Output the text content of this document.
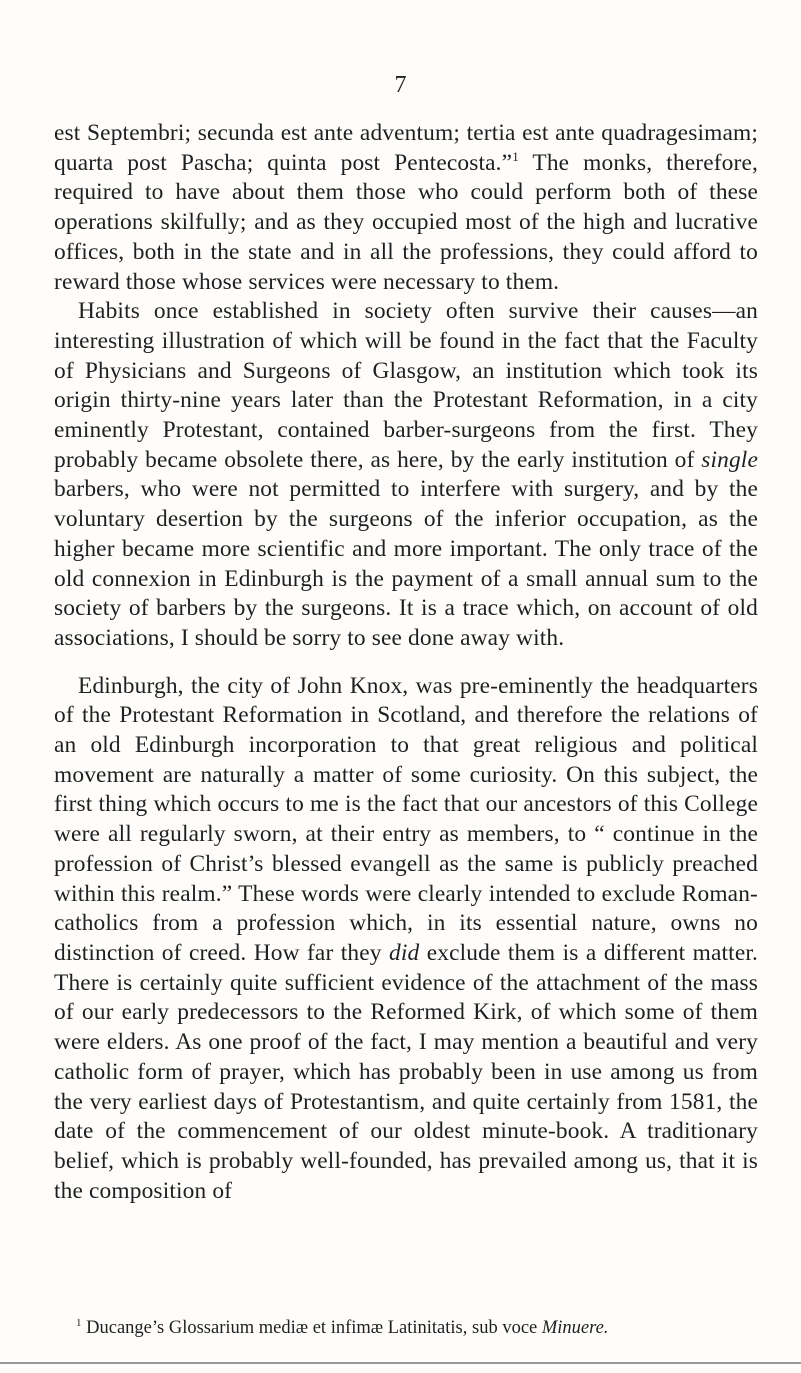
7

est Septembri; secunda est ante adventum; tertia est ante quadragesimam; quarta post Pascha; quinta post Pentecosta.”$^1$ The monks, therefore, required to have about them those who could perform both of these operations skilfully; and as they occupied most of the high and lucrative offices, both in the state and in all the professions, they could afford to reward those whose services were necessary to them.

Habits once established in society often survive their causes—an interesting illustration of which will be found in the fact that the Faculty of Physicians and Surgeons of Glasgow, an institution which took its origin thirty-nine years later than the Protestant Reformation, in a city eminently Protestant, contained barber-surgeons from the first. They probably became obsolete there, as here, by the early institution of single barbers, who were not permitted to interfere with surgery, and by the voluntary desertion by the surgeons of the inferior occupation, as the higher became more scientific and more important. The only trace of the old connexion in Edinburgh is the payment of a small annual sum to the society of barbers by the surgeons. It is a trace which, on account of old associations, I should be sorry to see done away with.

Edinburgh, the city of John Knox, was pre-eminently the headquarters of the Protestant Reformation in Scotland, and therefore the relations of an old Edinburgh incorporation to that great religious and political movement are naturally a matter of some curiosity. On this subject, the first thing which occurs to me is the fact that our ancestors of this College were all regularly sworn, at their entry as members, to “ continue in the profession of Christ’s blessed evangell as the same is publicly preached within this realm.” These words were clearly intended to exclude Roman-catholics from a profession which, in its essential nature, owns no distinction of creed. How far they did exclude them is a different matter. There is certainly quite sufficient evidence of the attachment of the mass of our early predecessors to the Reformed Kirk, of which some of them were elders. As one proof of the fact, I may mention a beautiful and very catholic form of prayer, which has probably been in use among us from the very earliest days of Protestantism, and quite certainly from 1581, the date of the commencement of our oldest minute-book. A traditionary belief, which is probably well-founded, has prevailed among us, that it is the composition of

$^1$ Ducange’s Glossarium mediæ et infimæ Latinitatis, sub voce Minuere.
